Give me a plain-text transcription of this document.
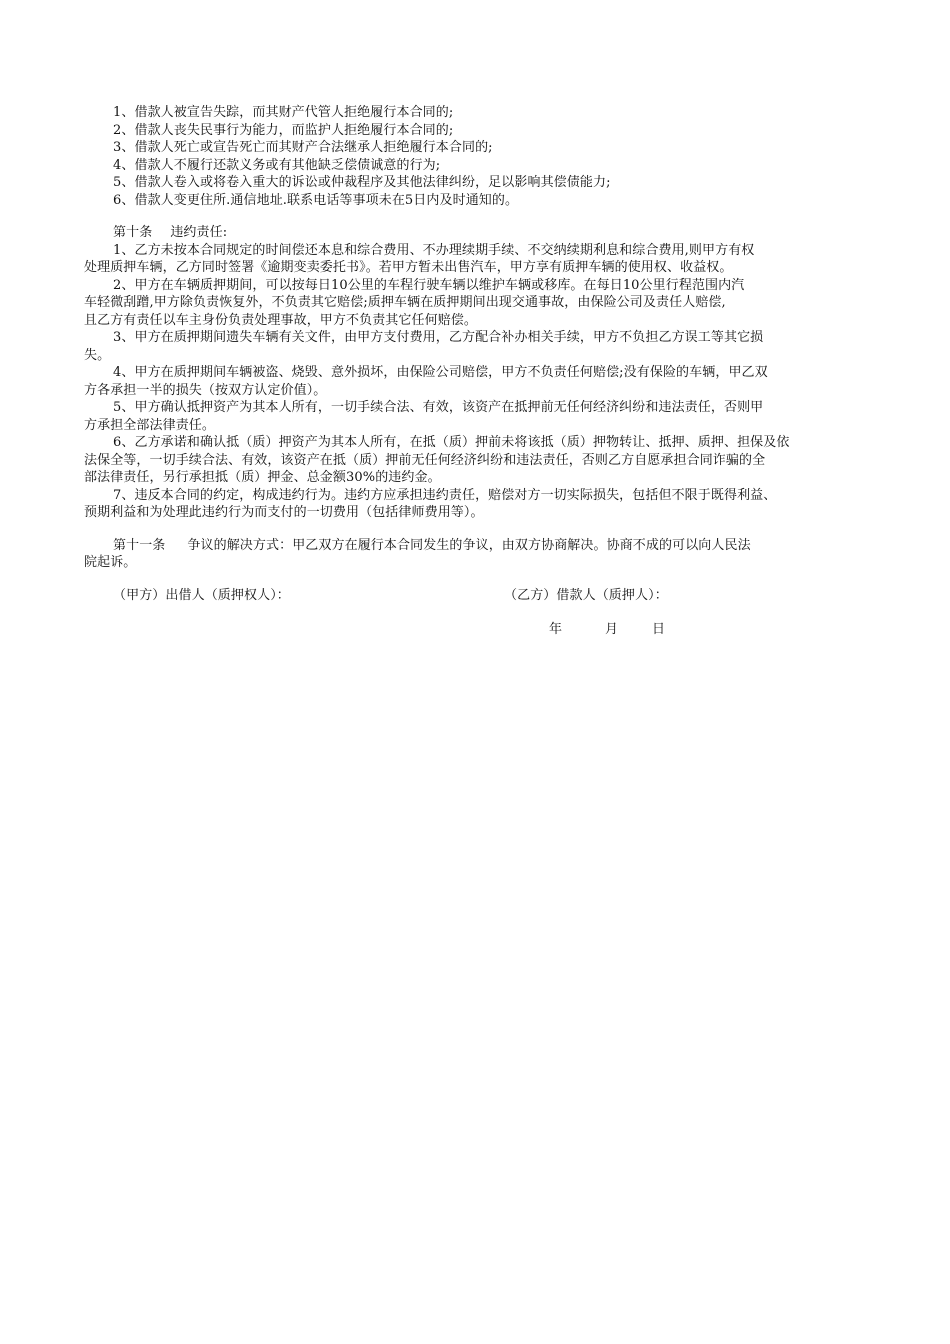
1、借款人被宣告失踪，而其财产代管人拒绝履行本合同的;

2、借款人丧失民事行为能力，而监护人拒绝履行本合同的;

3、借款人死亡或宣告死亡而其财产合法继承人拒绝履行本合同的;

4、借款人不履行还款义务或有其他缺乏偿债诚意的行为;

5、借款人卷入或将卷入重大的诉讼或仲裁程序及其他法律纠纷，足以影响其偿债能力;

6、借款人变更住所.通信地址.联系电话等事项未在5日内及时通知的。

第十条 违约责任:

1、乙方未按本合同规定的时间偿还本息和综合费用、不办理续期手续、不交纳续期利息和综合费用,则甲方有权

处理质押车辆，乙方同时签署《逾期变卖委托书》。若甲方暂未出售汽车，甲方享有质押车辆的使用权、收益权。

2、甲方在车辆质押期间，可以按每日10公里的车程行驶车辆以维护车辆或移库。在每日10公里行程范围内汽

车轻微刮蹭,甲方除负责恢复外，不负责其它赔偿;质押车辆在质押期间出现交通事故，由保险公司及责任人赔偿,

且乙方有责任以车主身份负责处理事故，甲方不负责其它任何赔偿。

3、甲方在质押期间遗失车辆有关文件，由甲方支付费用，乙方配合补办相关手续，甲方不负担乙方误工等其它损

失。

4、甲方在质押期间车辆被盗、烧毁、意外损坏，由保险公司赔偿，甲方不负责任何赔偿;没有保险的车辆，甲乙双

方各承担一半的损失（按双方认定价值）。

5、甲方确认抵押资产为其本人所有，一切手续合法、有效，该资产在抵押前无任何经济纠纷和违法责任，否则甲

方承担全部法律责任。

6、乙方承诺和确认抵（质）押资产为其本人所有，在抵（质）押前未将该抵（质）押物转让、抵押、质押、担保及依

法保全等，一切手续合法、有效，该资产在抵（质）押前无任何经济纠纷和违法责任，否则乙方自愿承担合同诈骗的全

部法律责任，另行承担抵（质）押金、总金额30%的违约金。

7、违反本合同的约定，构成违约行为。违约方应承担违约责任，赔偿对方一切实际损失，包括但不限于既得利益、

预期利益和为处理此违约行为而支付的一切费用（包括律师费用等）。

第十一条 争议的解决方式：甲乙双方在履行本合同发生的争议，由双方协商解决。协商不成的可以向人民法

院起诉。

（甲方）出借人（质押权人）：	（乙方）借款人（质押人）：
年	月	日
